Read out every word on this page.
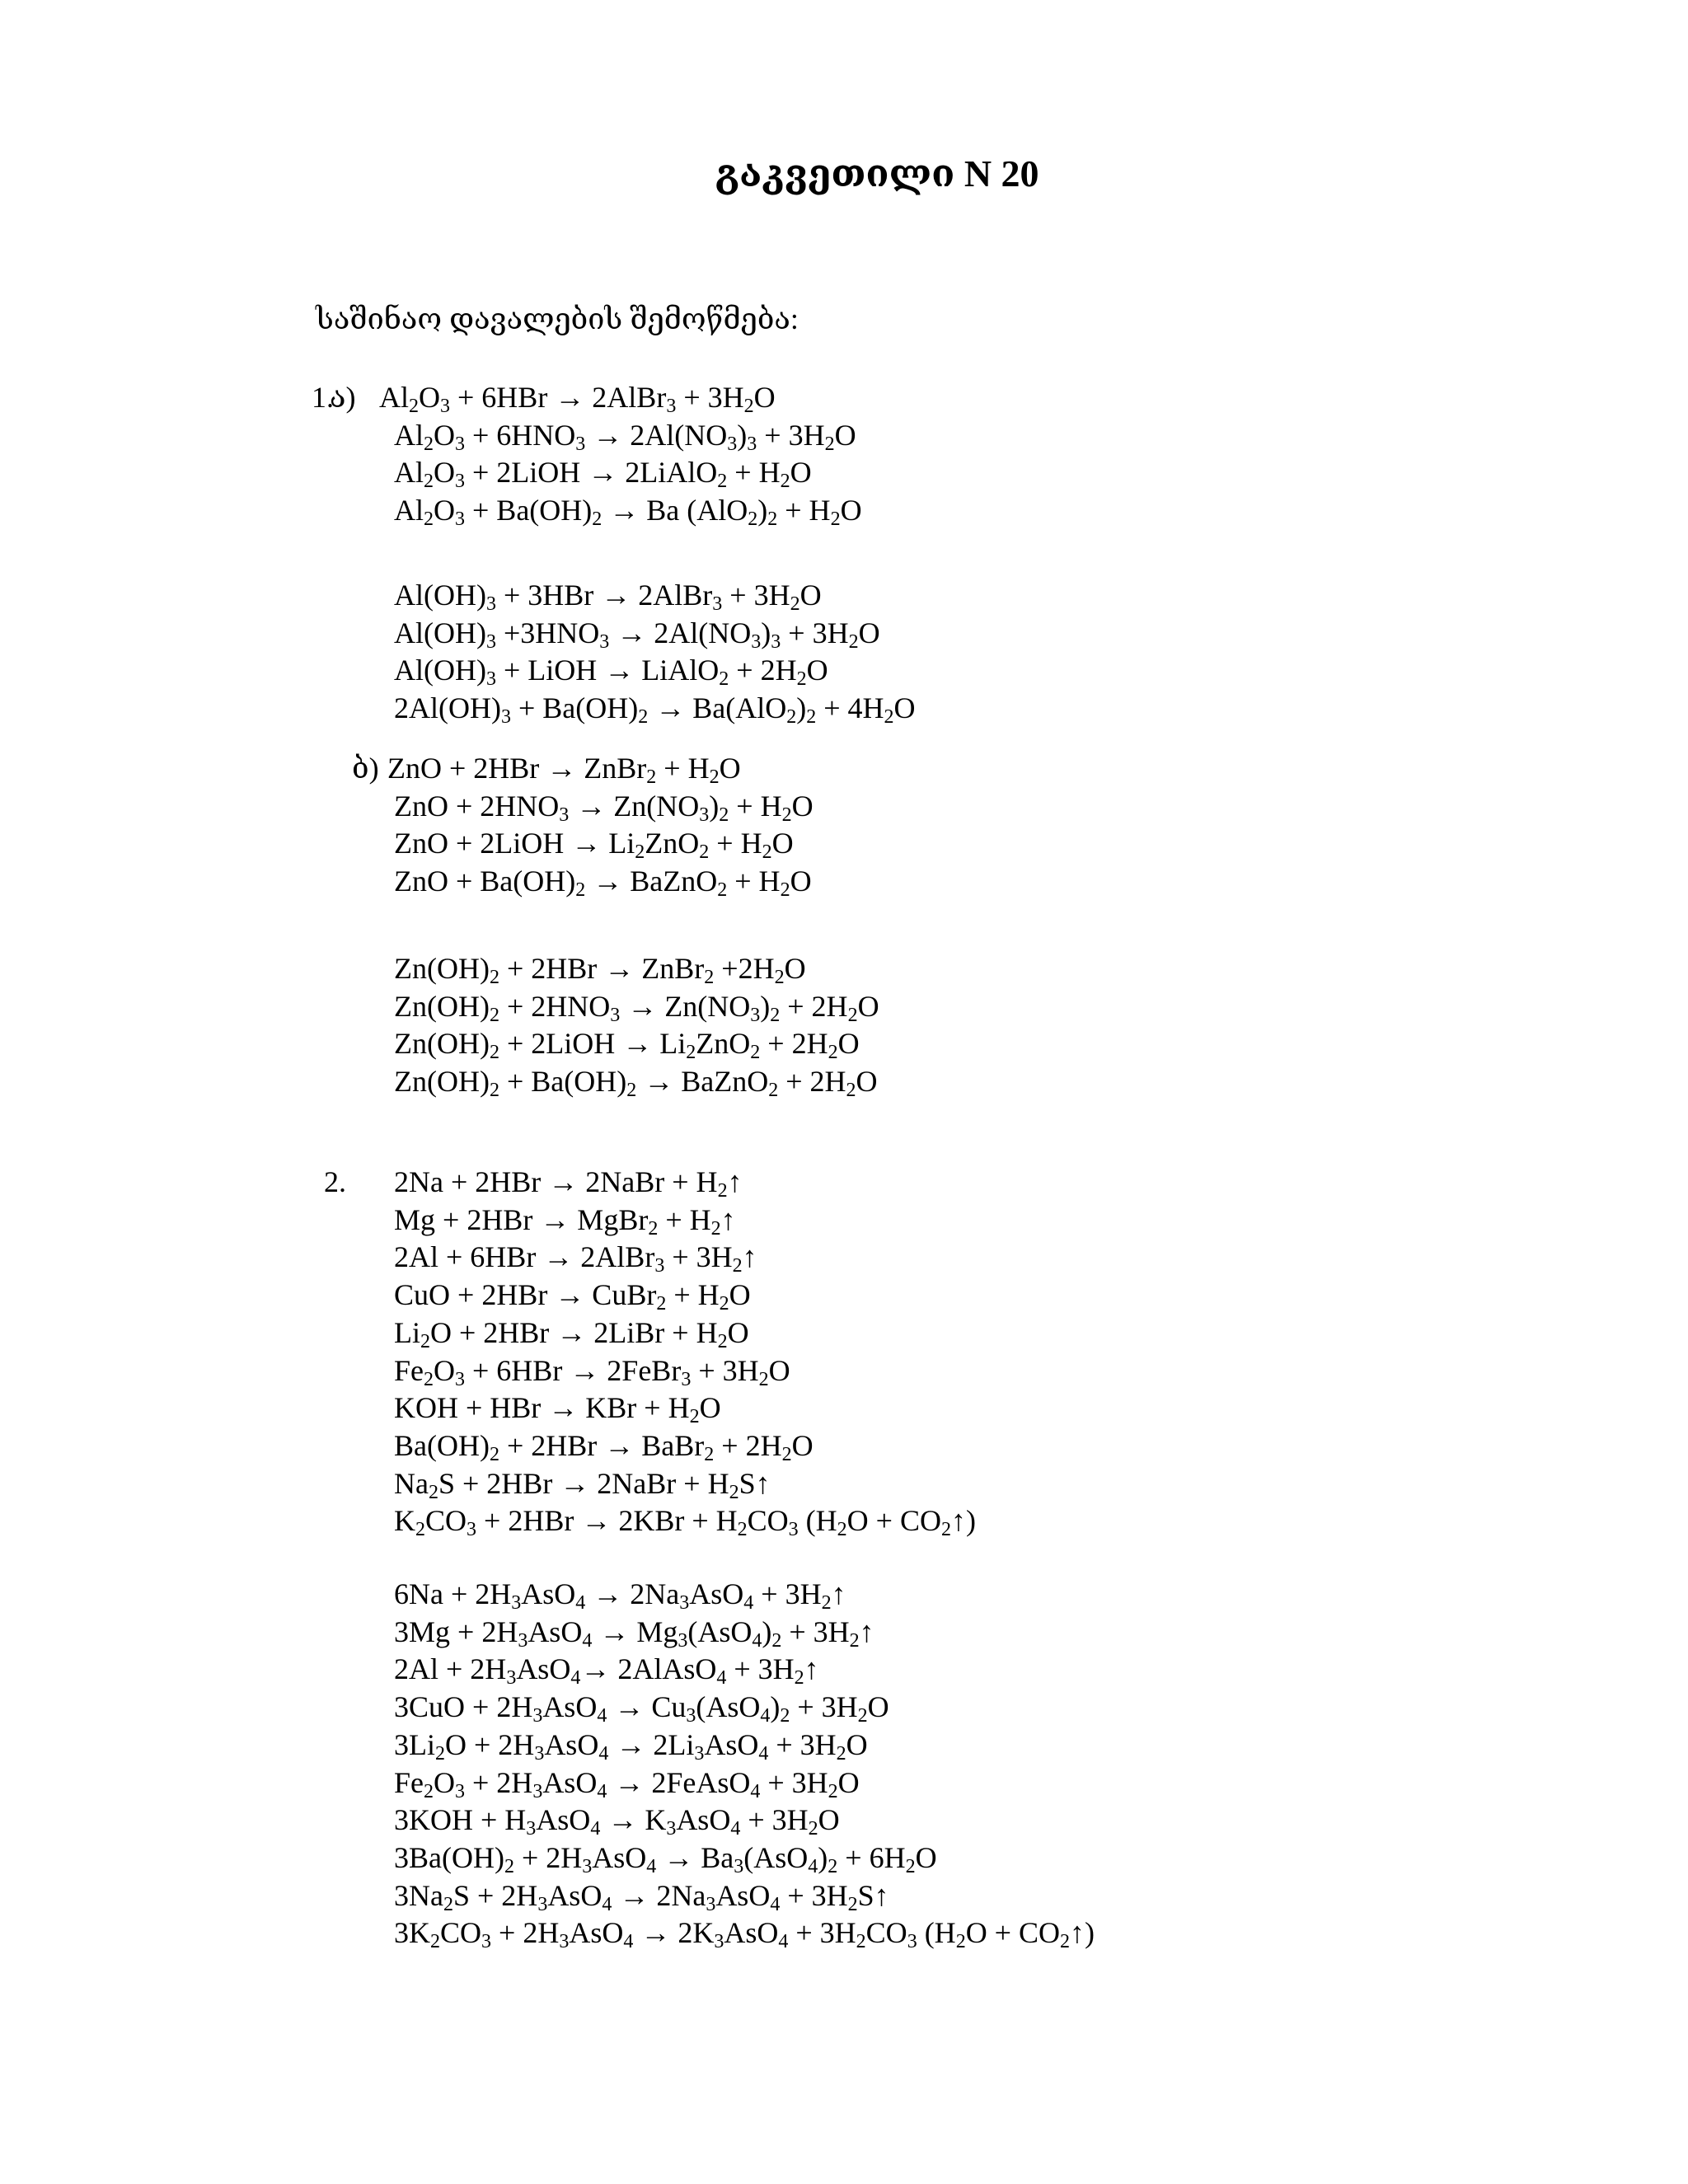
გაკვეთილი N 20
საშინაო დავალების შემოწმება:
1.
ა) $Al_2O_3 + 6HBr$ → 2AlBr$_3$ + $3H_2O$
$Al_2O_3 + 6HNO_3 \to 2Al(NO_3)_3 + 3H_2O$
$Al_2O_3$ + 2LiOH → 2LiAlO$_2$ + $H_2O$
$Al_2O_3 + Ba(OH)_2 \to Ba$ $(AlO_2)_2 + H_2O$
$Al(OH)_3 + 3HBr$ → 2AlBr$_3$ + $3H_2O$
$Al(OH)_3 +3HNO_3 \to 2Al(NO_3)_3 + 3H_2O$
$Al(OH)_3$ + LiOH → LiAlO$_2$ + $2H_2O$
$2Al(OH)_3 + Ba(OH)_2 \to Ba(AlO_2)_2 + 4H_2O$
ბ) ZnO + 2HBr → ZnBr$_2$ + $H_2O$
ZnO + $2HNO_3 \to Zn(NO_3)_2 + H_2O$
ZnO + 2LiOH → $Li_2ZnO_2 + H_2O$
ZnO + $Ba(OH)_2$ → BaZnO$_2$ + $H_2O$
$Zn(OH)_2 + 2HBr$ → ZnBr$_2$ $+2H_2O$
$Zn(OH)_2 + 2HNO_3 \to Zn(NO_3)_2 + 2H_2O$
$Zn(OH)_2$ + 2LiOH → $Li_2ZnO_2 + 2H_2O$
$Zn(OH)_2 + Ba(OH)_2$ → BaZnO$_2$ + $2H_2O$
2. 2Na + 2HBr → 2NaBr + $H_2↑$
Mg + 2HBr → MgBr$_2$ + $H_2↑$
2Al + 6HBr → 2AlBr$_3$ + $3H_2↑$
CuO + 2HBr → CuBr$_2$ + $H_2O$
$Li_2O + 2HBr$ → 2LiBr + $H_2O$
$Fe_2O_3 + 6HBr$ → 2FeBr$_3$ + $3H_2O$
KOH + HBr → KBr + $H_2O$
$Ba(OH)_2 + 2HBr$ → BaBr$_2$ + $2H_2O$
$Na_2S + 2HBr$ → 2NaBr + $H_2S↑$
$K_2CO_3 + 2HBr \to 2KBr + H_2CO_3$ ($H_2O$ + $CO_2↑$)
$6Na + 2H_3AsO_4 \to 2Na_3AsO_4$ + $3H_2↑$
$3Mg + 2H_3AsO_4 \to Mg_3(AsO_4)_2$ + $3H_2↑$
$2Al + 2H_3AsO_4\to$ 2AlAsO$_4$ + $3H_2↑$
$3CuO + 2H_3AsO_4 \to Cu_3(AsO_4)_2 + 3H_2O$
$3Li_2O + 2H_3AsO_4 \to 2Li_3AsO_4 + 3H_2O$
$Fe_2O_3 + 2H_3AsO_4$ → 2FeAsO$_4$ + $3H_2O$
$3KOH + H_3AsO_4 \to K_3AsO_4 + 3H_2O$
$3Ba(OH)_2 + 2H_3AsO_4 \to Ba_3(AsO_4)_2 + 6H_2O$
$3Na_2S + 2H_3AsO_4 \to 2Na_3AsO_4$ + $3H_2S↑$
$3K_2CO_3 + 2H_3AsO_4 \to 2K_3AsO_4 + 3H_2CO_3$ ($H_2O$ + $CO_2↑$)
